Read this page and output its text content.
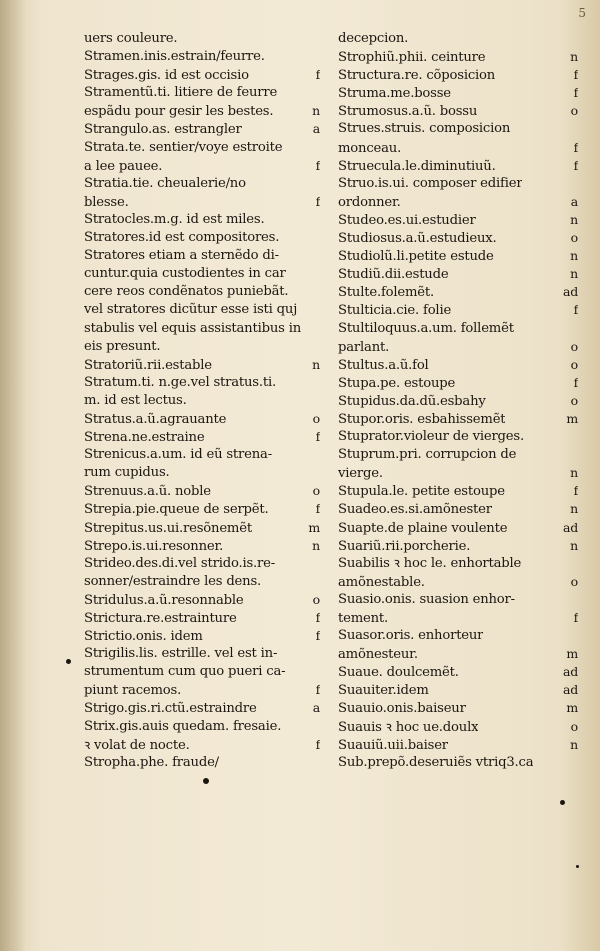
5
uers couleure.
Stramen.inis.estrain/feurre.
Strages.gis. id est occisio	f
Stramentũ.ti. litiere de feurre
espãdu pour gesir les bestes.	n
Strangulo.as. estrangler	a
Strata.te. sentier/voye estroite
a lee pauee.	f
Stratia.tie. cheualerie/no
blesse.	f
Stratocles.m.g. id est miles.
Stratores.id est compositores.
Stratores etiam a sternẽdo di-
cuntur.quia custodientes in car
cere reos condẽnatos puniebãt.
vel stratores dicũtur esse isti quj
stabulis vel equis assistantibus in
eis presunt.
Stratoriũ.rii.estable	n
Stratum.ti. n.ge.vel stratus.ti.
m. id est lectus.
Stratus.a.ũ.agrauante	o
Strena.ne.estraine	f
Strenicus.a.um. id eũ strena-
rum cupidus.
Strenuus.a.ũ. noble	o
Strepia.pie.queue de serpẽt.	f
Strepitus.us.ui.resõnemẽt	m
Strepo.is.ui.resonner.	n
Strideo.des.di.vel strido.is.re-
sonner/estraindre les dens.
Stridulus.a.ũ.resonnable	o
Strictura.re.estrainture	f
Strictio.onis. idem	f
Strigilis.lis. estrille. vel est in-
strumentum cum quo pueri ca-
piunt racemos.	f
Strigo.gis.ri.ctũ.estraindre	a
Strix.gis.auis quedam. fresaie.
ꝛ volat de nocte.	f
Stropha.phe. fraude/
decepcion.
Strophiũ.phii. ceinture	n
Structura.re. cõposicion	f
Struma.me.bosse	f
Strumosus.a.ũ. bossu	o
Strues.struis. composicion
monceau.	f
Struecula.le.diminutiuũ.	f
Struo.is.ui. composer edifier
ordonner.	a
Studeo.es.ui.estudier	n
Studiosus.a.ũ.estudieux.	o
Studiolũ.li.petite estude	n
Studiũ.dii.estude	n
Stulte.folemẽt.	ad
Stulticia.cie. folie	f
Stultiloquus.a.um. follemẽt
parlant.	o
Stultus.a.ũ.fol	o
Stupa.pe. estoupe	f
Stupidus.da.dũ.esbahy	o
Stupor.oris. esbahissemẽt	m
Stuprator.violeur de vierges.
Stuprum.pri. corrupcion de
vierge.	n
Stupula.le. petite estoupe	f
Suadeo.es.si.amõnester	n
Suapte.de plaine voulente	ad
Suariũ.rii.porcherie.	n
Suabilis ꝛ hoc le. enhortable
amõnestable.	o
Suasio.onis. suasion enhor-
tement.	f
Suasor.oris. enhorteur
amõnesteur.	m
Suaue. doulcemẽt.	ad
Suauiter.idem	ad
Suauio.onis.baiseur	m
Suauis ꝛ hoc ue.doulx	o
Suauiũ.uii.baiser	n
Sub.prepõ.deseruiẽs vtriq3.ca
